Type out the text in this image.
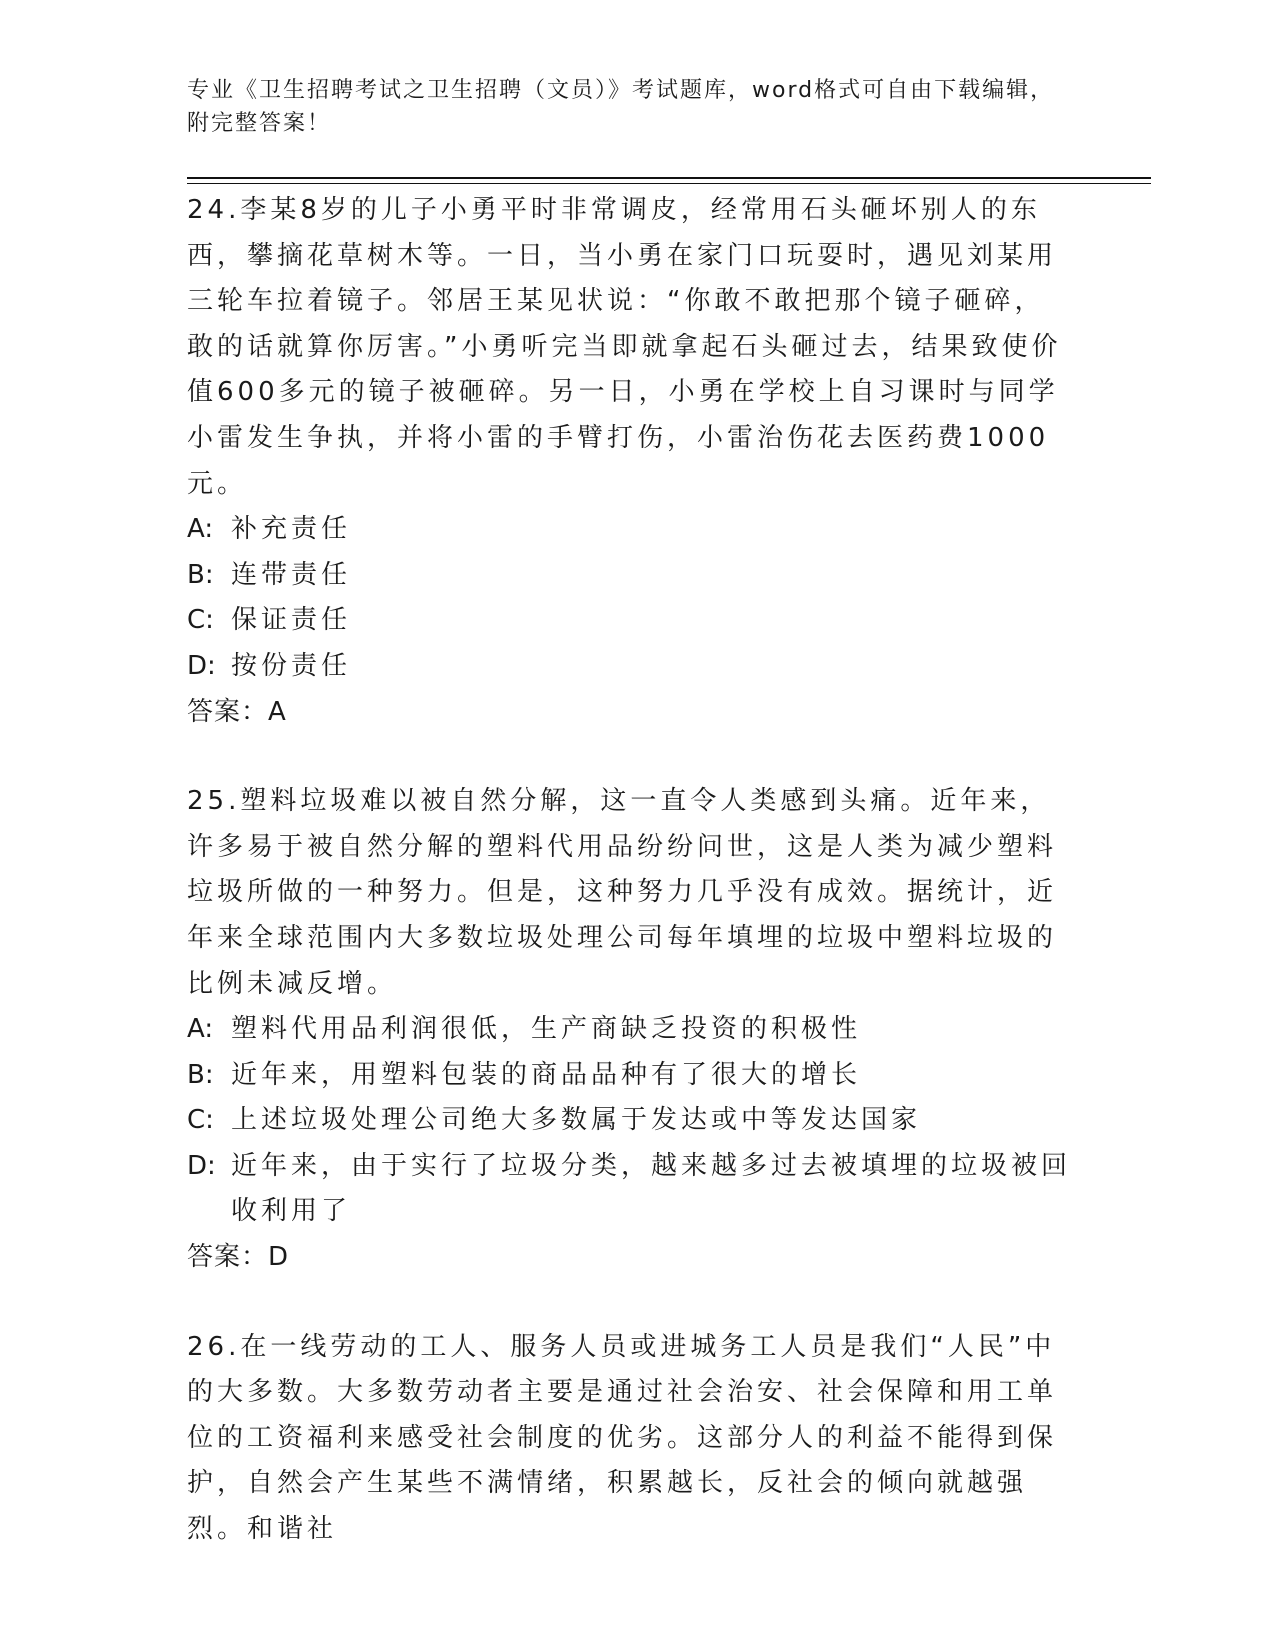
专业《卫生招聘考试之卫生招聘（文员）》考试题库，word格式可自由下载编辑，附完整答案！

24.李某8岁的儿子小勇平时非常调皮，经常用石头砸坏别人的东西，攀摘花草树木等。一日，当小勇在家门口玩耍时，遇见刘某用三轮车拉着镜子。邻居王某见状说：“你敢不敢把那个镜子砸碎，敢的话就算你厉害。”小勇听完当即就拿起石头砸过去，结果致使价值600多元的镜子被砸碎。另一日，小勇在学校上自习课时与同学小雷发生争执，并将小雷的手臂打伤，小雷治伤花去医药费1000元。

A: 补充责任
B: 连带责任
C: 保证责任
D: 按份责任

答案：A

25.塑料垃圾难以被自然分解，这一直令人类感到头痛。近年来，许多易于被自然分解的塑料代用品纷纷问世，这是人类为减少塑料垃圾所做的一种努力。但是，这种努力几乎没有成效。据统计，近年来全球范围内大多数垃圾处理公司每年填埋的垃圾中塑料垃圾的比例未减反增。

A: 塑料代用品利润很低，生产商缺乏投资的积极性
B: 近年来，用塑料包装的商品品种有了很大的增长
C: 上述垃圾处理公司绝大多数属于发达或中等发达国家
D: 近年来，由于实行了垃圾分类，越来越多过去被填埋的垃圾被回收利用了

答案：D

26.在一线劳动的工人、服务人员或进城务工人员是我们“人民”中的大多数。大多数劳动者主要是通过社会治安、社会保障和用工单位的工资福利来感受社会制度的优劣。这部分人的利益不能得到保护，自然会产生某些不满情绪，积累越长，反社会的倾向就越强烈。和谐社
